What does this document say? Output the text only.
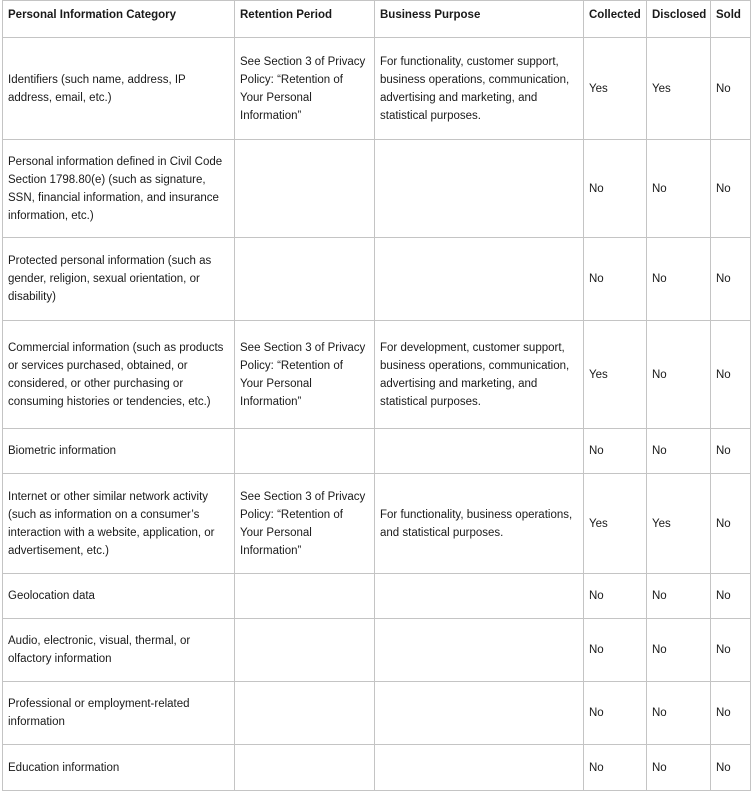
Personal Information Category	Retention Period	Business Purpose	Collected	Disclosed	Sold
Identifiers (such name, address, IP address, email, etc.)	See Section 3 of Privacy Policy: “Retention of Your Personal Information”	For functionality, customer support, business operations, communication, advertising and marketing, and statistical purposes.	Yes	Yes	No
Personal information defined in Civil Code Section 1798.80(e) (such as signature, SSN, financial information, and insurance information, etc.)			No	No	No
Protected personal information (such as gender, religion, sexual orientation, or disability)			No	No	No
Commercial information (such as products or services purchased, obtained, or considered, or other purchasing or consuming histories or tendencies, etc.)	See Section 3 of Privacy Policy: “Retention of Your Personal Information”	For development, customer support, business operations, communication, advertising and marketing, and statistical purposes.	Yes	No	No
Biometric information			No	No	No
Internet or other similar network activity (such as information on a consumer’s interaction with a website, application, or advertisement, etc.)	See Section 3 of Privacy Policy: “Retention of Your Personal Information”	For functionality, business operations, and statistical purposes.	Yes	Yes	No
Geolocation data			No	No	No
Audio, electronic, visual, thermal, or olfactory information			No	No	No
Professional or employment-related information			No	No	No
Education information			No	No	No
